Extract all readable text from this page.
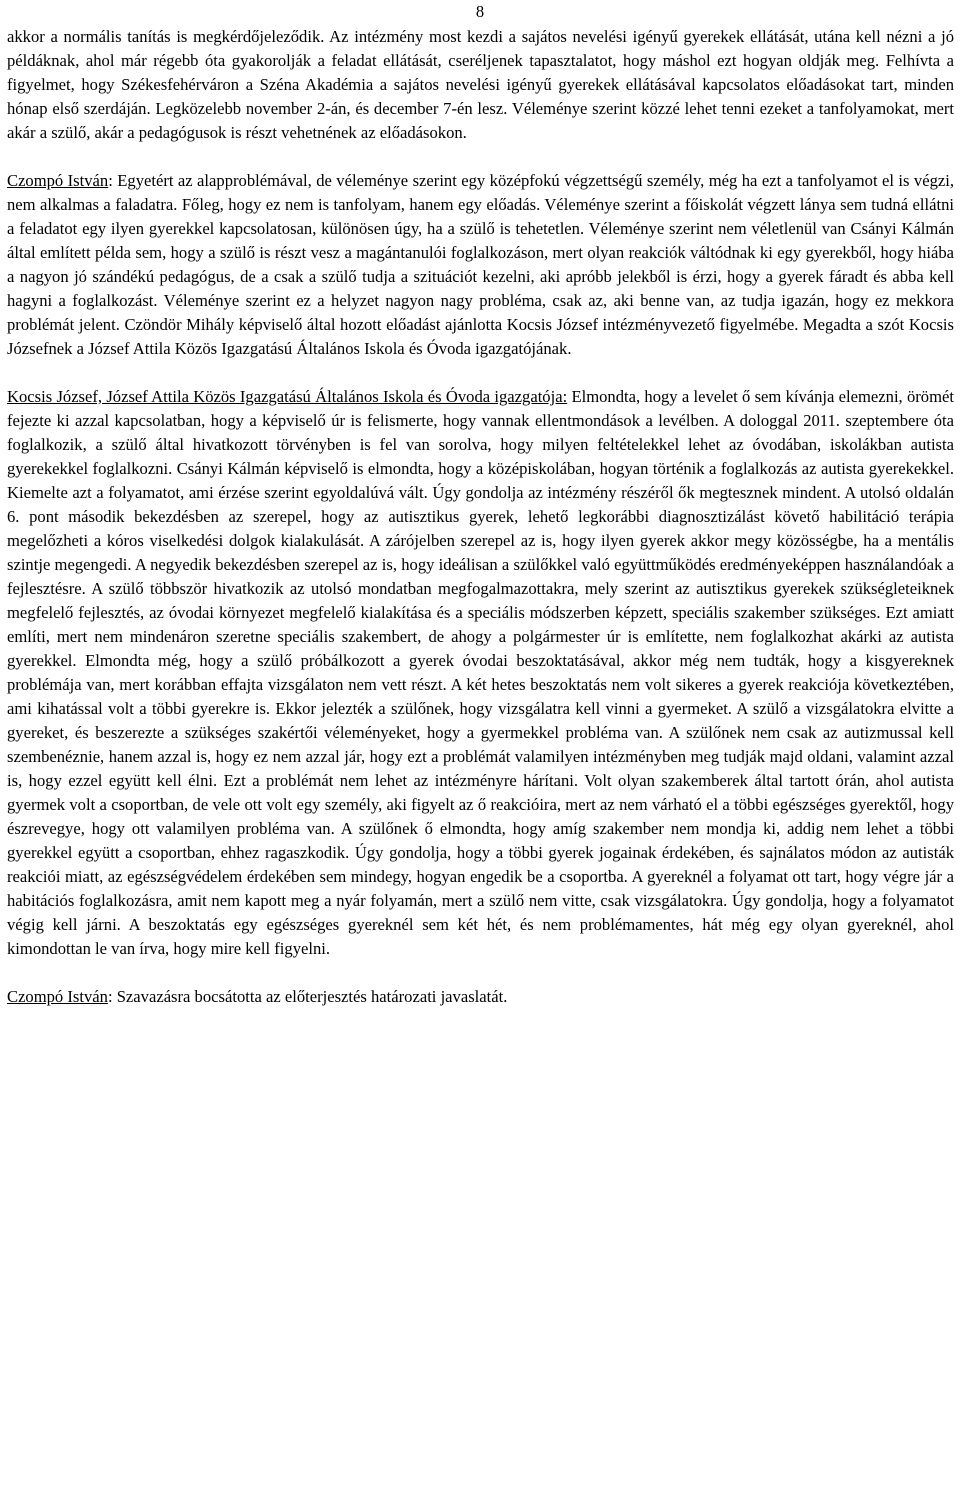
8

akkor a normális tanítás is megkérdőjeleződik. Az intézmény most kezdi a sajátos nevelési igényű gyerekek ellátását, utána kell nézni a jó példáknak, ahol már régebb óta gyakorolják a feladat ellátását, cseréljenek tapasztalatot, hogy máshol ezt hogyan oldják meg. Felhívta a figyelmet, hogy Székesfehérváron a Széna Akadémia a sajátos nevelési igényű gyerekek ellátásával kapcsolatos előadásokat tart, minden hónap első szerdáján. Legközelebb november 2-án, és december 7-én lesz. Véleménye szerint közzé lehet tenni ezeket a tanfolyamokat, mert akár a szülő, akár a pedagógusok is részt vehetnének az előadásokon.

Czompó István: Egyetért az alapproblémával, de véleménye szerint egy középfokú végzettségű személy, még ha ezt a tanfolyamot el is végzi, nem alkalmas a faladatra. Főleg, hogy ez nem is tanfolyam, hanem egy előadás. Véleménye szerint a főiskolát végzett lánya sem tudná ellátni a feladatot egy ilyen gyerekkel kapcsolatosan, különösen úgy, ha a szülő is tehetetlen. Véleménye szerint nem véletlenül van Csányi Kálmán által említett példa sem, hogy a szülő is részt vesz a magántanulói foglalkozáson, mert olyan reakciók váltódnak ki egy gyerekből, hogy hiába a nagyon jó szándékú pedagógus, de a csak a szülő tudja a szituációt kezelni, aki apróbb jelekből is érzi, hogy a gyerek fáradt és abba kell hagyni a foglalkozást. Véleménye szerint ez a helyzet nagyon nagy probléma, csak az, aki benne van, az tudja igazán, hogy ez mekkora problémát jelent. Czöndör Mihály képviselő által hozott előadást ajánlotta Kocsis József intézményvezető figyelmébe. Megadta a szót Kocsis Józsefnek a József Attila Közös Igazgatású Általános Iskola és Óvoda igazgatójának.

Kocsis József, József Attila Közös Igazgatású Általános Iskola és Óvoda igazgatója: Elmondta, hogy a levelet ő sem kívánja elemezni, örömét fejezte ki azzal kapcsolatban, hogy a képviselő úr is felismerte, hogy vannak ellentmondások a levélben. A dologgal 2011. szeptembere óta foglalkozik, a szülő által hivatkozott törvényben is fel van sorolva, hogy milyen feltételekkel lehet az óvodában, iskolákban autista gyerekekkel foglalkozni. Csányi Kálmán képviselő is elmondta, hogy a középiskolában, hogyan történik a foglalkozás az autista gyerekekkel. Kiemelte azt a folyamatot, ami érzése szerint egyoldalúvá vált. Úgy gondolja az intézmény részéről ők megtesznek mindent. A utolsó oldalán 6. pont második bekezdésben az szerepel, hogy az autisztikus gyerek, lehető legkorábbi diagnosztizálást követő habilitáció terápia megelőzheti a kóros viselkedési dolgok kialakulását. A zárójelben szerepel az is, hogy ilyen gyerek akkor megy közösségbe, ha a mentális szintje megengedi. A negyedik bekezdésben szerepel az is, hogy ideálisan a szülőkkel való együttműködés eredményeképpen használandóak a fejlesztésre. A szülő többször hivatkozik az utolsó mondatban megfogalmazottakra, mely szerint az autisztikus gyerekek szükségleteiknek megfelelő fejlesztés, az óvodai környezet megfelelő kialakítása és a speciális módszerben képzett, speciális szakember szükséges. Ezt amiatt említi, mert nem mindenáron szeretne speciális szakembert, de ahogy a polgármester úr is említette, nem foglalkozhat akárki az autista gyerekkel. Elmondta még, hogy a szülő próbálkozott a gyerek óvodai beszoktatásával, akkor még nem tudták, hogy a kisgyereknek problémája van, mert korábban effajta vizsgálaton nem vett részt. A két hetes beszoktatás nem volt sikeres a gyerek reakciója következtében, ami kihatással volt a többi gyerekre is. Ekkor jelezték a szülőnek, hogy vizsgálatra kell vinni a gyermeket. A szülő a vizsgálatokra elvitte a gyereket, és beszerezte a szükséges szakértői véleményeket, hogy a gyermekkel probléma van. A szülőnek nem csak az autizmussal kell szembenéznie, hanem azzal is, hogy ez nem azzal jár, hogy ezt a problémát valamilyen intézményben meg tudják majd oldani, valamint azzal is, hogy ezzel együtt kell élni. Ezt a problémát nem lehet az intézményre hárítani. Volt olyan szakemberek által tartott órán, ahol autista gyermek volt a csoportban, de vele ott volt egy személy, aki figyelt az ő reakcióira, mert az nem várható el a többi egészséges gyerektől, hogy észrevegye, hogy ott valamilyen probléma van. A szülőnek ő elmondta, hogy amíg szakember nem mondja ki, addig nem lehet a többi gyerekkel együtt a csoportban, ehhez ragaszkodik. Úgy gondolja, hogy a többi gyerek jogainak érdekében, és sajnálatos módon az autisták reakciói miatt, az egészségvédelem érdekében sem mindegy, hogyan engedik be a csoportba. A gyereknél a folyamat ott tart, hogy végre jár a habitációs foglalkozásra, amit nem kapott meg a nyár folyamán, mert a szülő nem vitte, csak vizsgálatokra. Úgy gondolja, hogy a folyamatot végig kell járni. A beszoktatás egy egészséges gyereknél sem két hét, és nem problémamentes, hát még egy olyan gyereknél, ahol kimondottan le van írva, hogy mire kell figyelni.

Czompó István: Szavazásra bocsátotta az előterjesztés határozati javaslatát.
